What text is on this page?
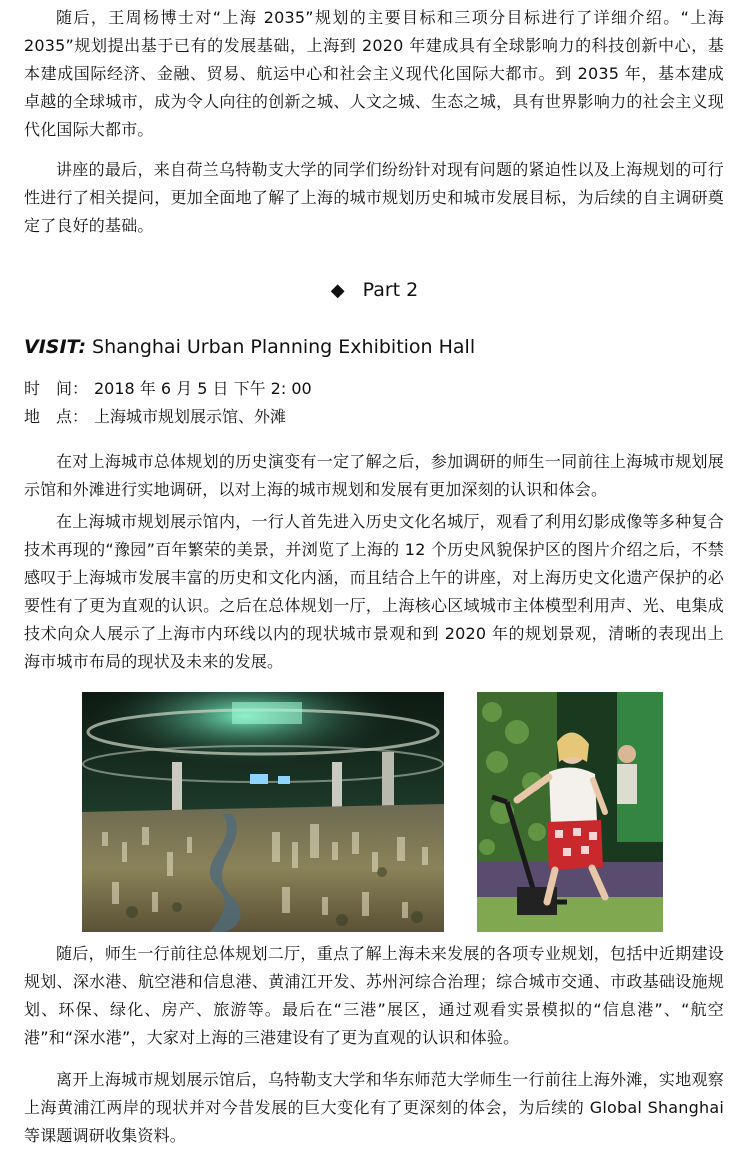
随后，王周杨博士对“上海 2035”规划的主要目标和三项分目标进行了详细介绍。“上海 2035”规划提出基于已有的发展基础，上海到 2020 年建成具有全球影响力的科技创新中心，基本建成国际经济、金融、贸易、航运中心和社会主义现代化国际大都市。到 2035 年，基本建成卓越的全球城市，成为令人向往的创新之城、人文之城、生态之城，具有世界影响力的社会主义现代化国际大都市。

讲座的最后，来自荷兰乌特勒支大学的同学们纷纷针对现有问题的紧迫性以及上海规划的可行性进行了相关提问，更加全面地了解了上海的城市规划历史和城市发展目标，为后续的自主调研奠定了良好的基础。

◆ Part 2
VISIT: Shanghai Urban Planning Exhibition Hall
时　间： 2018 年 6 月 5 日 下午 2: 00
地　点： 上海城市规划展示馆、外滩

在对上海城市总体规划的历史演变有一定了解之后，参加调研的师生一同前往上海城市规划展示馆和外滩进行实地调研，以对上海的城市规划和发展有更加深刻的认识和体会。

在上海城市规划展示馆内，一行人首先进入历史文化名城厅，观看了利用幻影成像等多种复合技术再现的“豫园”百年繁荣的美景，并浏览了上海的 12 个历史风貌保护区的图片介绍之后，不禁感叹于上海城市发展丰富的历史和文化内涵，而且结合上午的讲座，对上海历史文化遗产保护的必要性有了更为直观的认识。之后在总体规划一厅，上海核心区域城市主体模型利用声、光、电集成技术向众人展示了上海市内环线以内的现状城市景观和到 2020 年的规划景观，清晰的表现出上海市城市布局的现状及未来的发展。

随后，师生一行前往总体规划二厅，重点了解上海未来发展的各项专业规划，包括中近期建设规划、深水港、航空港和信息港、黄浦江开发、苏州河综合治理；综合城市交通、市政基础设施规划、环保、绿化、房产、旅游等。最后在“三港”展区，通过观看实景模拟的“信息港”、“航空港”和“深水港”，大家对上海的三港建设有了更为直观的认识和体验。

离开上海城市规划展示馆后，乌特勒支大学和华东师范大学师生一行前往上海外滩，实地观察上海黄浦江两岸的现状并对今昔发展的巨大变化有了更深刻的体会，为后续的 Global Shanghai 等课题调研收集资料。
